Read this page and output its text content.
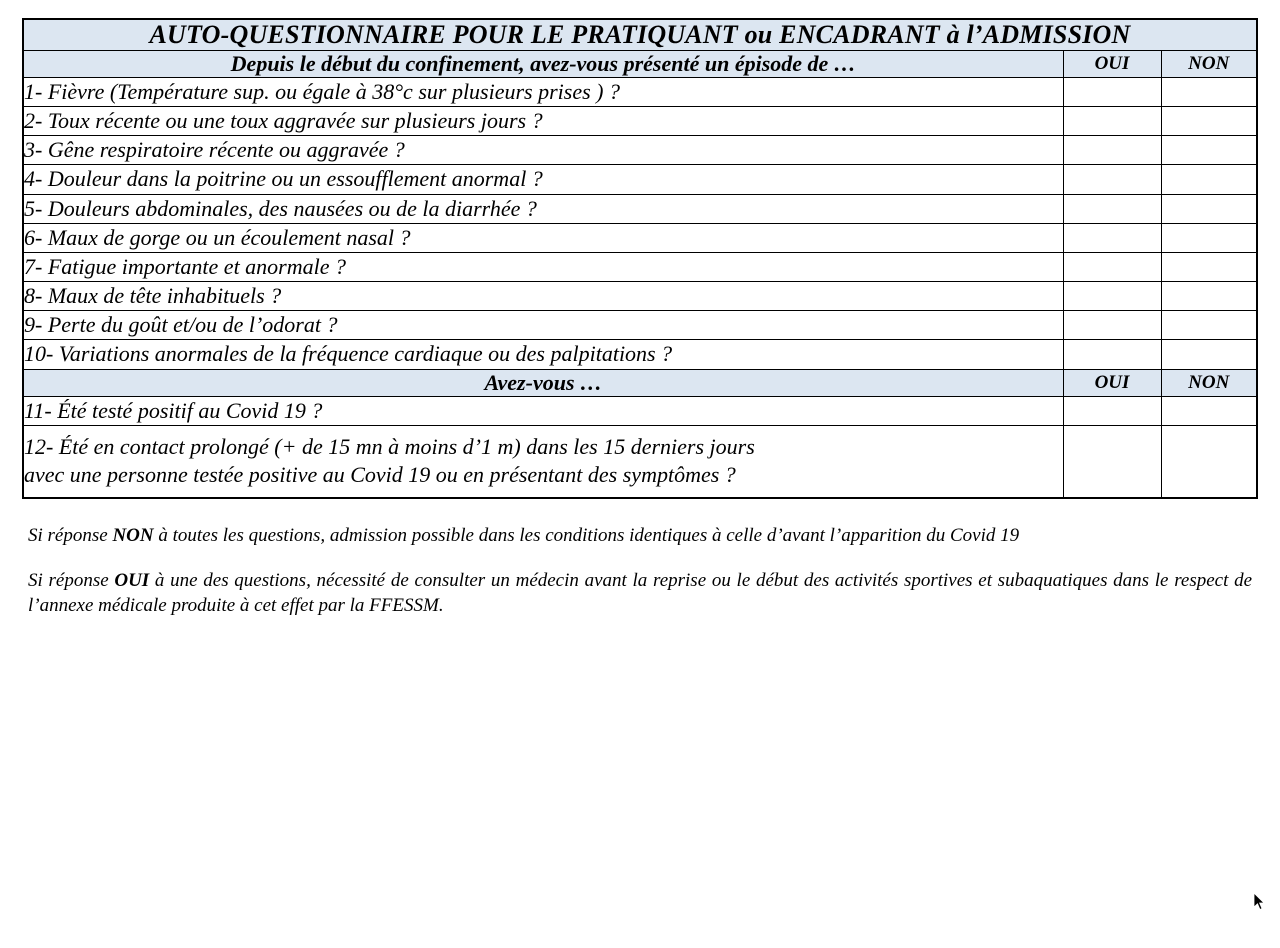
AUTO-QUESTIONNAIRE POUR LE PRATIQUANT ou ENCADRANT à l’ADMISSION		
Depuis le début du confinement, avez-vous présenté un épisode de …	OUI	NON
1- Fièvre (Température sup. ou égale à 38°c sur plusieurs prises ) ?		
2- Toux récente ou une toux aggravée sur plusieurs jours ?		
3- Gêne respiratoire récente ou aggravée ?		
4- Douleur dans la poitrine ou un essoufflement anormal ?		
5- Douleurs abdominales, des nausées ou de la diarrhée ?		
6- Maux de gorge ou un écoulement nasal ?		
7- Fatigue importante et anormale ?		
8- Maux de tête inhabituels ?		
9- Perte du goût et/ou de l’odorat ?		
10- Variations anormales de la fréquence cardiaque ou des palpitations ?		
Avez-vous …	OUI	NON
11- Été testé positif au Covid 19 ?		

12- Été en contact prolongé (+ de 15 mn à moins d’1 m) dans les 15 derniers jours
avec une personne testée positive au Covid 19 ou en présentant des symptômes ?		

Si réponse NON à toutes les questions, admission possible dans les conditions identiques à celle d’avant l’apparition du Covid 19
Si réponse OUI à une des questions, nécessité de consulter un médecin avant la reprise ou le début des activités sportives et subaquatiques dans le respect de l’annexe médicale produite à cet effet par la FFESSM.
